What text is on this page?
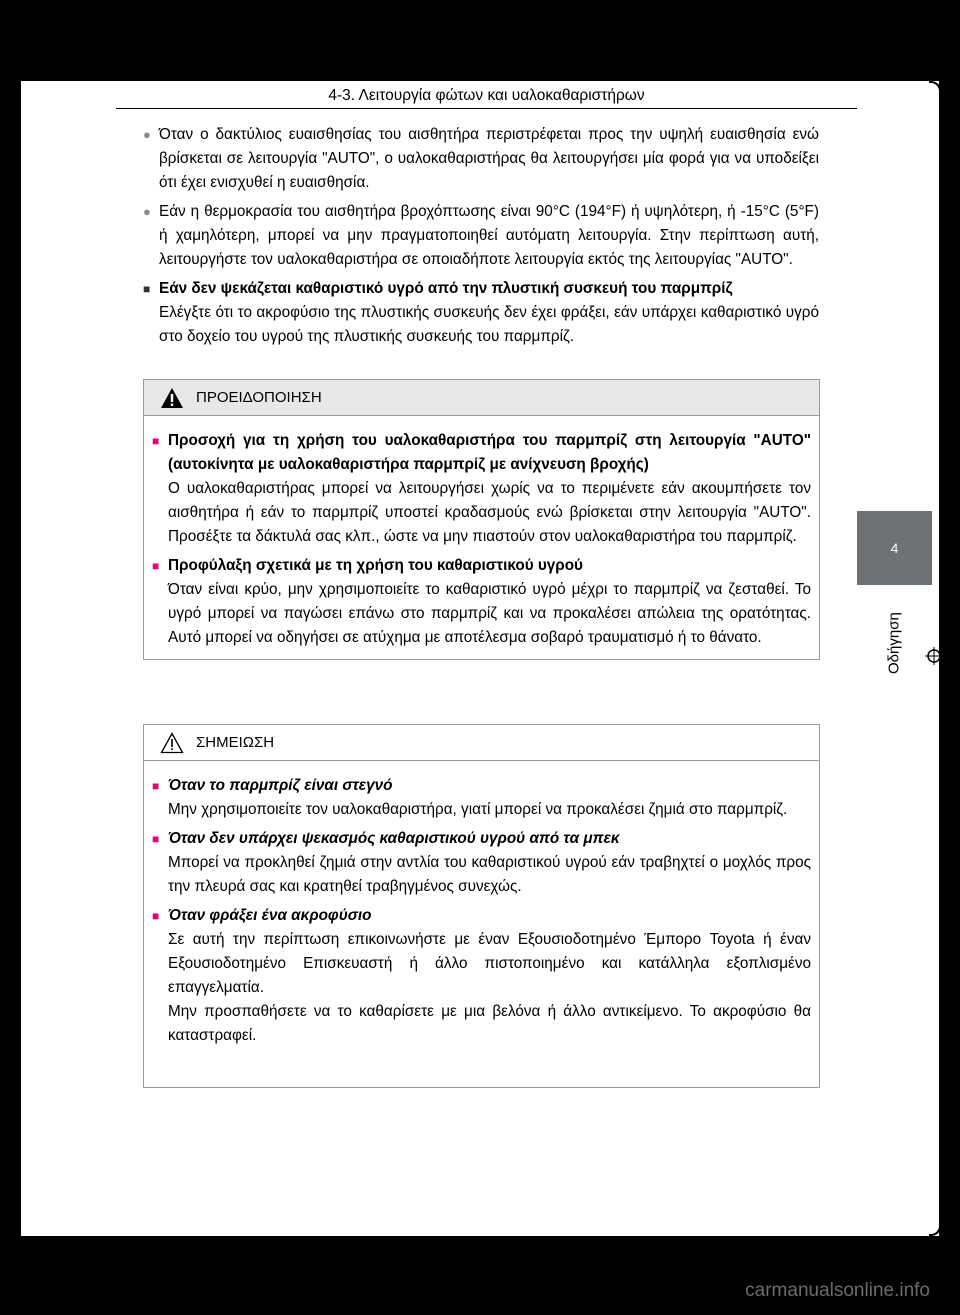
4-3. Λειτουργία φώτων και υαλοκαθαριστήρων
4
Οδήγηση
● Όταν ο δακτύλιος ευαισθησίας του αισθητήρα περιστρέφεται προς την υψηλή ευαισθησία ενώ βρίσκεται σε λειτουργία "AUTO", ο υαλοκαθαριστήρας θα λειτουργήσει μία φορά για να υποδείξει ότι έχει ενισχυθεί η ευαισθησία.
● Εάν η θερμοκρασία του αισθητήρα βροχόπτωσης είναι 90°C (194°F) ή υψηλότερη, ή -15°C (5°F) ή χαμηλότερη, μπορεί να μην πραγματοποιηθεί αυτόματη λειτουργία. Στην περίπτωση αυτή, λειτουργήστε τον υαλοκαθαριστήρα σε οποιαδήποτε λειτουργία εκτός της λειτουργίας "AUTO".
■ Εάν δεν ψεκάζεται καθαριστικό υγρό από την πλυστική συσκευή του παρμπρίζ
Ελέγξτε ότι το ακροφύσιο της πλυστικής συσκευής δεν έχει φράξει, εάν υπάρχει καθαριστικό υγρό στο δοχείο του υγρού της πλυστικής συσκευής του παρμπρίζ.
ΠΡΟΕΙΔΟΠΟΙΗΣΗ
■ Προσοχή για τη χρήση του υαλοκαθαριστήρα του παρμπρίζ στη λειτουργία "AUTO" (αυτοκίνητα με υαλοκαθαριστήρα παρμπρίζ με ανίχνευση βροχής)
Ο υαλοκαθαριστήρας μπορεί να λειτουργήσει χωρίς να το περιμένετε εάν ακουμπήσετε τον αισθητήρα ή εάν το παρμπρίζ υποστεί κραδασμούς ενώ βρίσκεται στην λειτουργία "AUTO". Προσέξτε τα δάκτυλά σας κλπ., ώστε να μην πιαστούν στον υαλοκαθαριστήρα του παρμπρίζ.
■ Προφύλαξη σχετικά με τη χρήση του καθαριστικού υγρού
Όταν είναι κρύο, μην χρησιμοποιείτε το καθαριστικό υγρό μέχρι το παρμπρίζ να ζεσταθεί. Το υγρό μπορεί να παγώσει επάνω στο παρμπρίζ και να προκαλέσει απώλεια της ορατότητας. Αυτό μπορεί να οδηγήσει σε ατύχημα με αποτέλεσμα σοβαρό τραυματισμό ή το θάνατο.
ΣΗΜΕΙΩΣΗ
■ Όταν το παρμπρίζ είναι στεγνό
Μην χρησιμοποιείτε τον υαλοκαθαριστήρα, γιατί μπορεί να προκαλέσει ζημιά στο παρμπρίζ.
■ Όταν δεν υπάρχει ψεκασμός καθαριστικού υγρού από τα μπεκ
Μπορεί να προκληθεί ζημιά στην αντλία του καθαριστικού υγρού εάν τραβηχτεί ο μοχλός προς την πλευρά σας και κρατηθεί τραβηγμένος συνεχώς.
■ Όταν φράξει ένα ακροφύσιο
Σε αυτή την περίπτωση επικοινωνήστε με έναν Εξουσιοδοτημένο Έμπορο Toyota ή έναν Εξουσιοδοτημένο Επισκευαστή ή άλλο πιστοποιημένο και κατάλληλα εξοπλισμένο επαγγελματία.
Μην προσπαθήσετε να το καθαρίσετε με μια βελόνα ή άλλο αντικείμενο. Το ακροφύσιο θα καταστραφεί.
carmanualsonline.info
